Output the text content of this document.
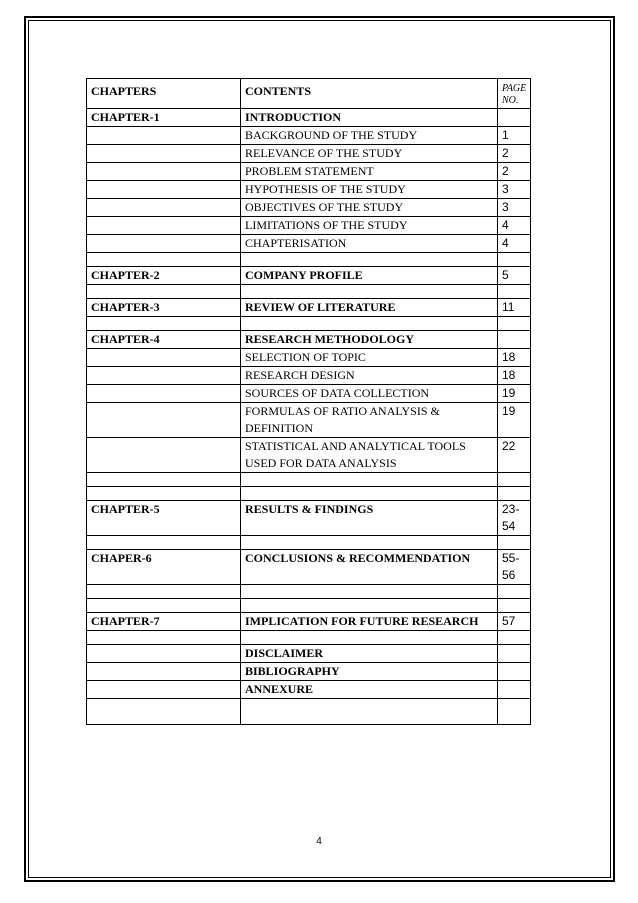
CHAPTERS	CONTENTS	PAGE NO.
CHAPTER-1	INTRODUCTION	
	BACKGROUND OF THE STUDY	1
	RELEVANCE OF THE STUDY	2
	PROBLEM STATEMENT	2
	HYPOTHESIS OF THE STUDY	3
	OBJECTIVES OF THE STUDY	3
	LIMITATIONS OF THE STUDY	4
	CHAPTERISATION	4

CHAPTER-2	COMPANY PROFILE	5

CHAPTER-3	REVIEW OF LITERATURE	11

CHAPTER-4	RESEARCH METHODOLOGY	
	SELECTION OF TOPIC	18
	RESEARCH DESIGN	18
	SOURCES OF DATA COLLECTION	19
	FORMULAS OF RATIO ANALYSIS & DEFINITION	19
	STATISTICAL AND ANALYTICAL TOOLS USED FOR DATA ANALYSIS	22

CHAPTER-5	RESULTS & FINDINGS	23-54

CHAPER-6	CONCLUSIONS & RECOMMENDATION	55-56

CHAPTER-7	IMPLICATION FOR FUTURE RESEARCH	57

	DISCLAIMER	
	BIBLIOGRAPHY	
	ANNEXURE	

4
